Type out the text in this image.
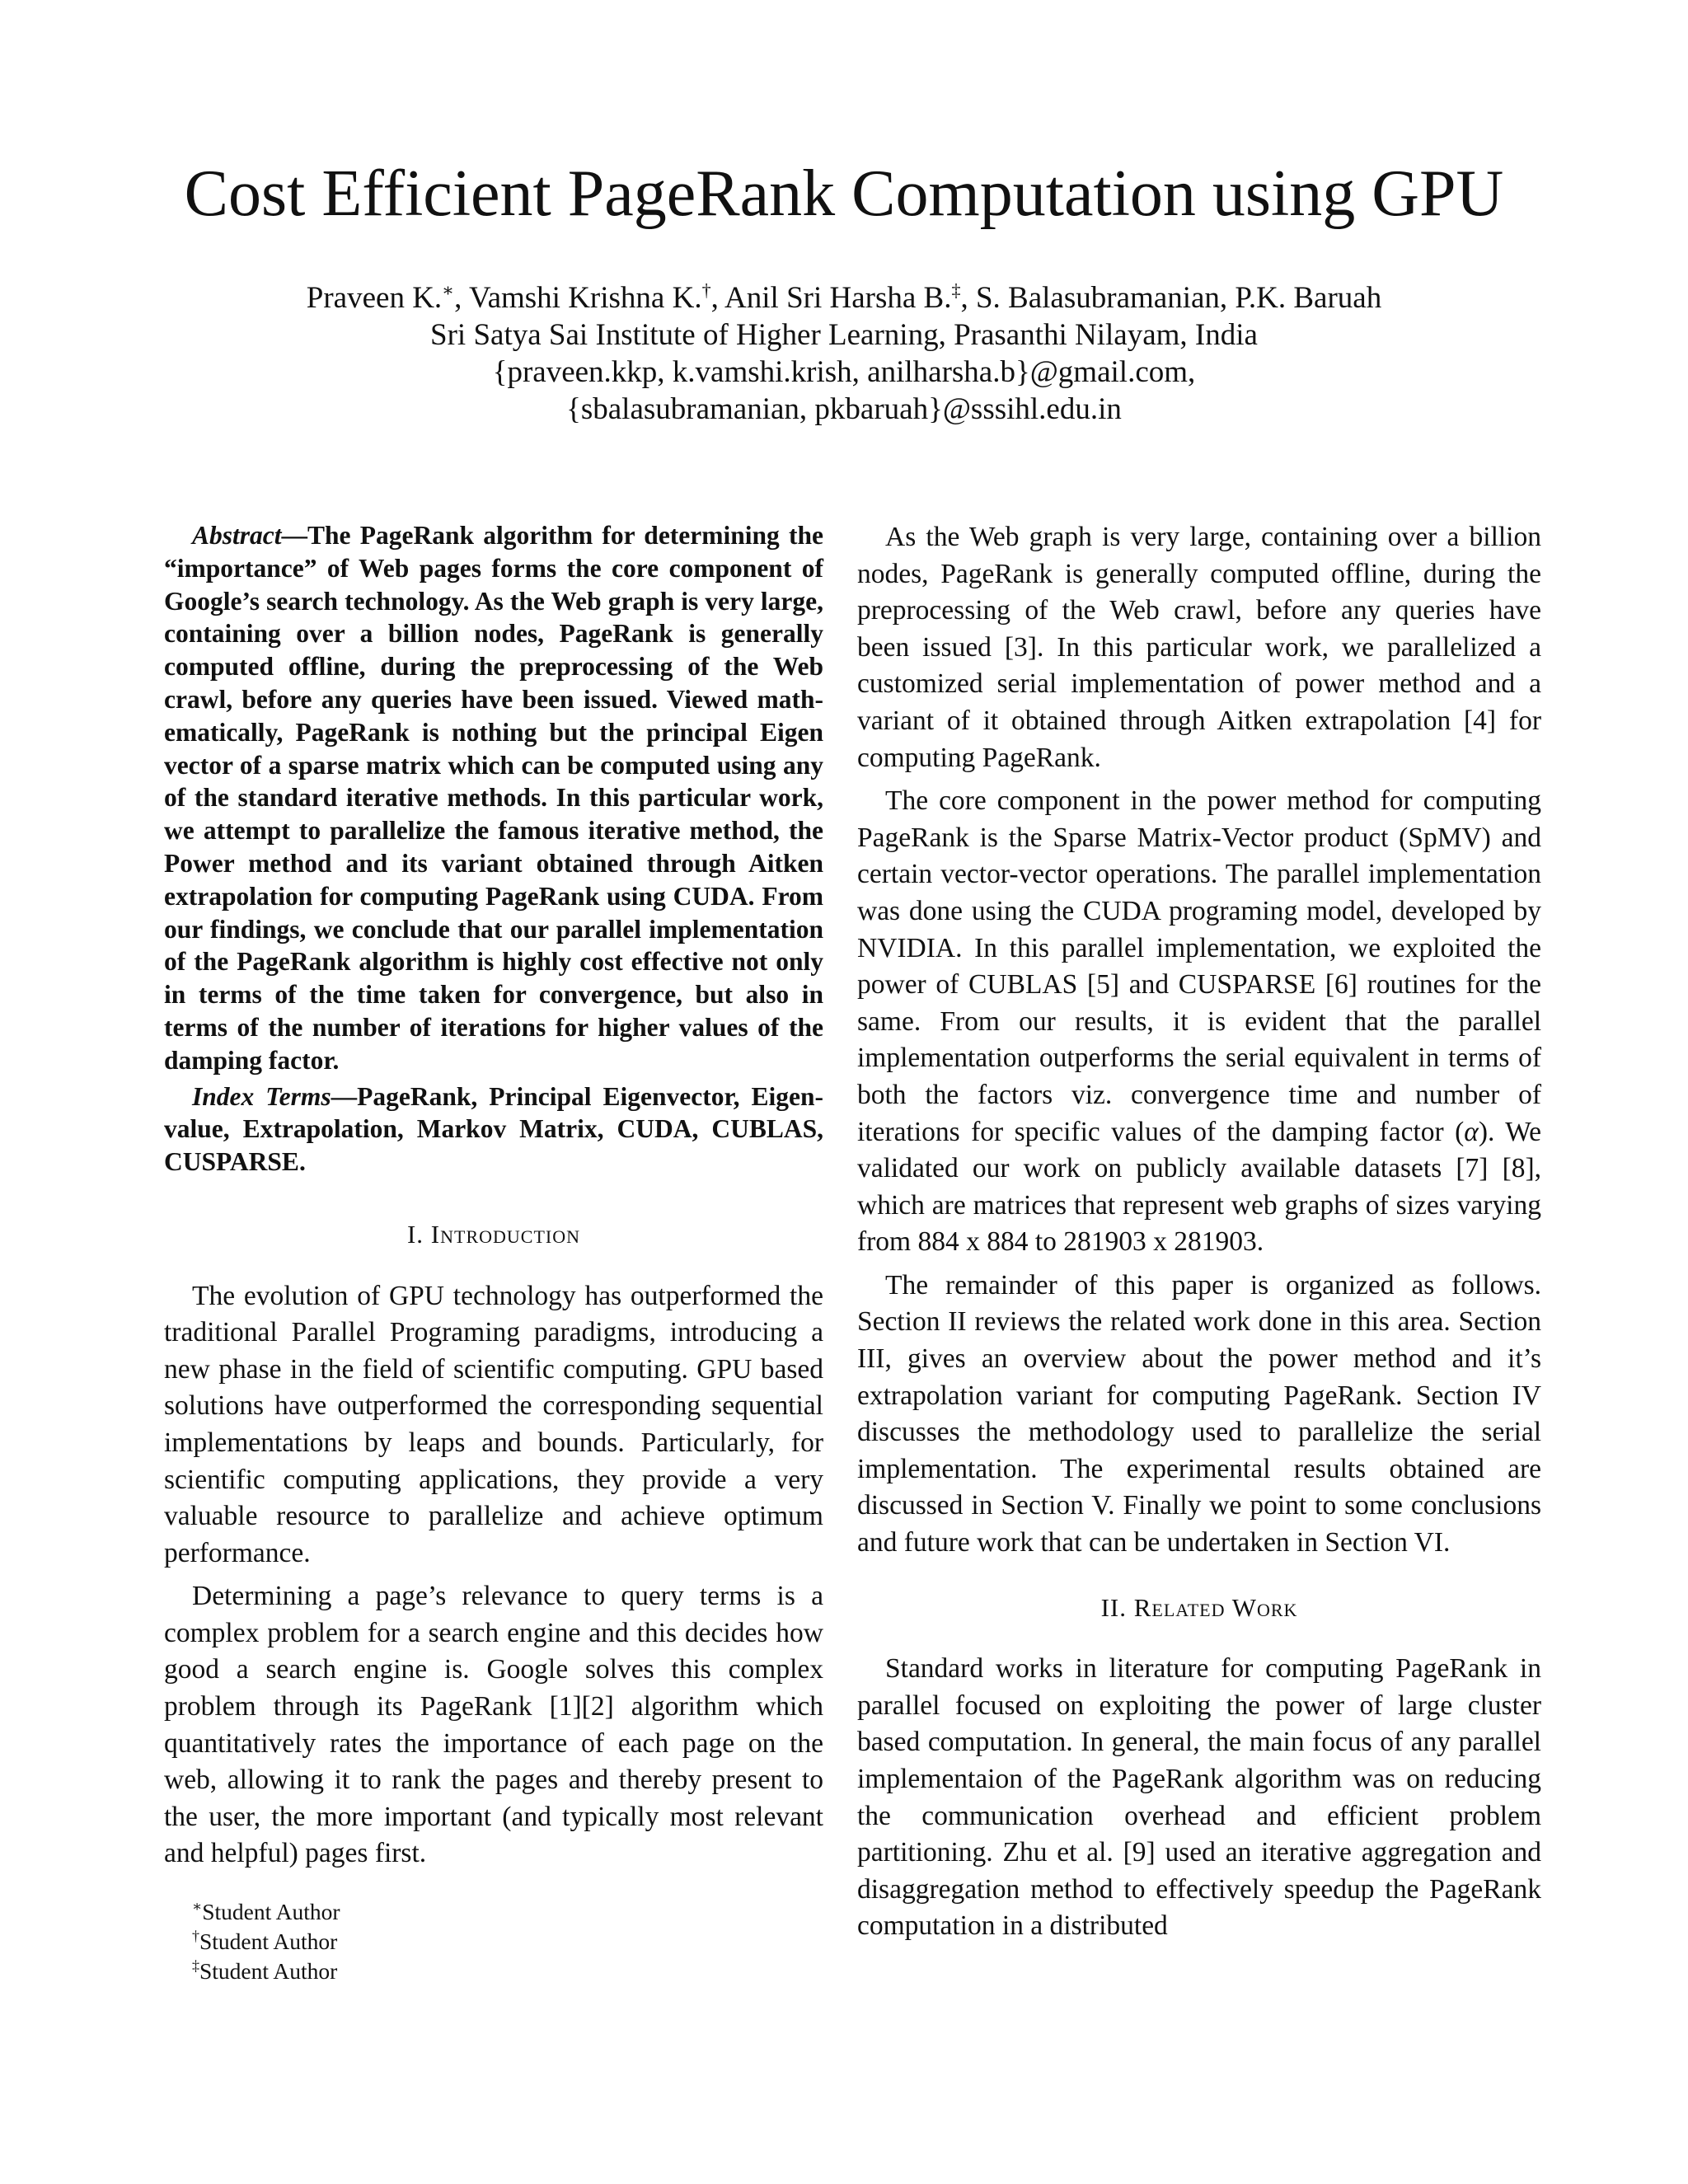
Cost Efficient PageRank Computation using GPU
Praveen K.∗, Vamshi Krishna K.†, Anil Sri Harsha B.‡, S. Balasubramanian, P.K. Baruah
Sri Satya Sai Institute of Higher Learning, Prasanthi Nilayam, India
{praveen.kkp, k.vamshi.krish, anilharsha.b}@gmail.com,
{sbalasubramanian, pkbaruah}@sssihl.edu.in

Abstract—The PageRank algorithm for determining the “importance” of Web pages forms the core component of Google’s search technology. As the Web graph is very large, containing over a billion nodes, PageRank is generally computed offline, during the preprocessing of the Web crawl, before any queries have been issued. Viewed mathematically, PageRank is nothing but the principal Eigen vector of a sparse matrix which can be computed using any of the standard iterative methods. In this particular work, we attempt to parallelize the famous iterative method, the Power method and its variant obtained through Aitken extrapolation for computing PageRank using CUDA. From our findings, we conclude that our parallel implementation of the PageRank algorithm is highly cost effective not only in terms of the time taken for convergence, but also in terms of the number of iterations for higher values of the damping factor.

Index Terms—PageRank, Principal Eigenvector, Eigenvalue, Extrapolation, Markov Matrix, CUDA, CUBLAS, CUSPARSE.

I. Introduction

The evolution of GPU technology has outperformed the traditional Parallel Programing paradigms, introducing a new phase in the field of scientific computing. GPU based solutions have outperformed the corresponding sequential implementations by leaps and bounds. Particularly, for scientific computing applications, they provide a very valuable resource to parallelize and achieve optimum performance.

Determining a page’s relevance to query terms is a complex problem for a search engine and this decides how good a search engine is. Google solves this complex problem through its PageRank [1][2] algorithm which quantitatively rates the importance of each page on the web, allowing it to rank the pages and thereby present to the user, the more important (and typically most relevant and helpful) pages first.

∗Student Author
†Student Author
‡Student Author

As the Web graph is very large, containing over a billion nodes, PageRank is generally computed offline, during the preprocessing of the Web crawl, before any queries have been issued [3]. In this particular work, we parallelized a customized serial implementation of power method and a variant of it obtained through Aitken extrapolation [4] for computing PageRank.

The core component in the power method for computing PageRank is the Sparse Matrix-Vector product (SpMV) and certain vector-vector operations. The parallel implementation was done using the CUDA programing model, developed by NVIDIA. In this parallel implementation, we exploited the power of CUBLAS [5] and CUSPARSE [6] routines for the same. From our results, it is evident that the parallel implementation outperforms the serial equivalent in terms of both the factors viz. convergence time and number of iterations for specific values of the damping factor (α). We validated our work on publicly available datasets [7] [8], which are matrices that represent web graphs of sizes varying from 884 x 884 to 281903 x 281903.

The remainder of this paper is organized as follows. Section II reviews the related work done in this area. Section III, gives an overview about the power method and it’s extrapolation variant for computing PageRank. Section IV discusses the methodology used to parallelize the serial implementation. The experimental results obtained are discussed in Section V. Finally we point to some conclusions and future work that can be undertaken in Section VI.

II. Related Work

Standard works in literature for computing PageRank in parallel focused on exploiting the power of large cluster based computation. In general, the main focus of any parallel implementaion of the PageRank algorithm was on reducing the communication overhead and efficient problem partitioning. Zhu et al. [9] used an iterative aggregation and disaggregation method to effectively speedup the PageRank computation in a distributed
